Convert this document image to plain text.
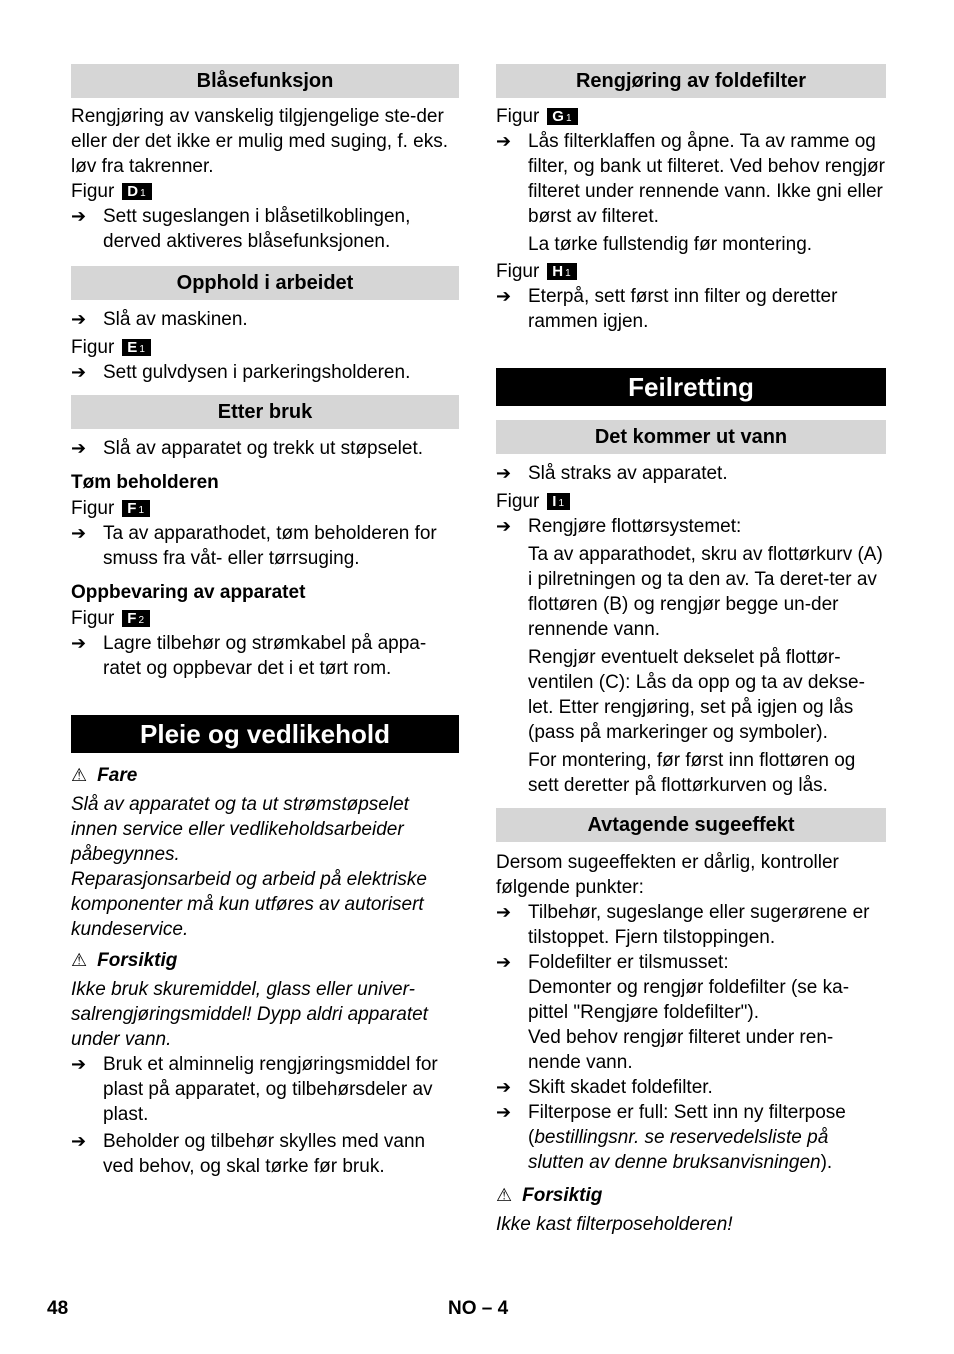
Blåsefunksjon
Rengjøring av vanskelig tilgjengelige ste-der eller der det ikke er mulig med suging, f. eks. løv fra takrenner.
Figur D1
➔ Sett sugeslangen i blåsetilkoblingen, derved aktiveres blåsefunksjonen.
Opphold i arbeidet
➔ Slå av maskinen.
Figur E1
➔ Sett gulvdysen i parkeringsholderen.
Etter bruk
➔ Slå av apparatet og trekk ut støpselet.
Tøm beholderen
Figur F1
➔ Ta av apparathodet, tøm beholderen for smuss fra våt- eller tørrsuging.
Oppbevaring av apparatet
Figur F2
➔ Lagre tilbehør og strømkabel på appa-ratet og oppbevar det i et tørt rom.
Pleie og vedlikehold
⚠ Fare
Slå av apparatet og ta ut strømstøpselet innen service eller vedlikeholdsarbeider påbegynnes.
Reparasjonsarbeid og arbeid på elektriske komponenter må kun utføres av autorisert kundeservice.
⚠ Forsiktig
Ikke bruk skuremiddel, glass eller univer-salrengjøringsmiddel! Dypp aldri apparatet under vann.
➔ Bruk et alminnelig rengjøringsmiddel for plast på apparatet, og tilbehørsdeler av plast.
➔ Beholder og tilbehør skylles med vann ved behov, og skal tørke før bruk.
Rengjøring av foldefilter
Figur G1
➔ Lås filterklaffen og åpne. Ta av ramme og filter, og bank ut filteret. Ved behov rengjør filteret under rennende vann. Ikke gni eller børst av filteret.
La tørke fullstendig før montering.
Figur H1
➔ Eterpå, sett først inn filter og deretter rammen igjen.
Feilretting
Det kommer ut vann
➔ Slå straks av apparatet.
Figur I1
➔ Rengjøre flottørsystemet:
Ta av apparathodet, skru av flottørkurv (A) i pilretningen og ta den av. Ta deret-ter av flottøren (B) og rengjør begge un-der rennende vann.
Rengjør eventuelt dekselet på flottør-ventilen (C): Lås da opp og ta av deksе-let. Etter rengjøring, set på igjen og lås (pass på markeringer og symboler).
For montering, før først inn flottøren og sett deretter på flottørkurven og lås.
Avtagende sugeeffekt
Dersom sugeeffekten er dårlig, kontroller følgende punkter:
➔ Tilbehør, sugeslange eller sugerørene er tilstoppet. Fjern tilstoppingen.
➔ Foldefilter er tilsmusset:
Demonter og rengjør foldefilter (se ka-pittel "Rengjøre foldefilter").
Ved behov rengjør filteret under ren-nende vann.
➔ Skift skadet foldefilter.
➔ Filterpose er full: Sett inn ny filterpose (bestillingsnr. se reservedelsliste på slutten av denne bruksanvisningen).
⚠ Forsiktig
Ikke kast filterposeholderen!
48	NO – 4
